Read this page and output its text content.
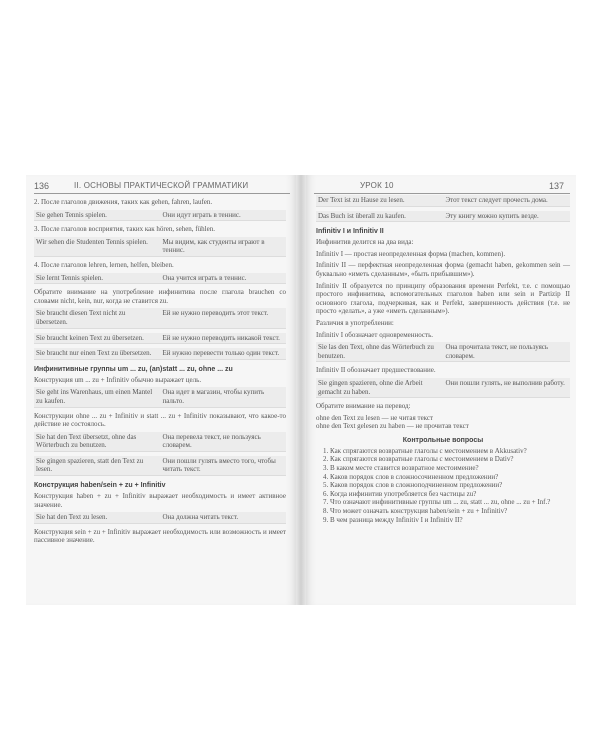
136	II. ОСНОВЫ ПРАКТИЧЕСКОЙ ГРАММАТИКИ

2. После глаголов движения, таких как gehen, fahren, laufen.

Sie gehen Tennis spielen.	Они идут играть в теннис.

3. После глаголов восприятия, таких как hören, sehen, fühlen.

Wir sehen die Studenten Tennis spielen.	Мы видим, как студенты играют в теннис.

4. После глаголов lehren, lernen, helfen, bleiben.

Sie lernt Tennis spielen.	Она учится играть в теннис.

Обратите внимание на употребление инфинитива после глагола brauchen со словами nicht, kein, nur, когда не ставится zu.

Sie braucht diesen Text nicht zu übersetzen.
Ей не нужно переводить этот текст.
Sie braucht keinen Text zu übersetzen.	Ей не нужно переводить никакой текст.
Sie braucht nur einen Text zu übersetzen.	Ей нужно перевести только один текст.
Инфинитивные группы um ... zu, (an)statt ... zu, ohne ... zu

Конструкция um ... zu + Infinitiv обычно выражает цель.

Sie geht ins Warenhaus, um einen Mantel zu kaufen.
Она идет в магазин, чтобы купить пальто.

Конструкции ohne ... zu + Infinitiv и statt ... zu + Infinitiv показывают, что какое-то действие не состоялось.

Sie hat den Text übersetzt, ohne das Wörterbuch zu benutzen.
Она перевела текст, не пользуясь словарем.
Sie gingen spazieren, statt den Text zu lesen.
Они пошли гулять вместо того, чтобы читать текст.
Конструкция haben/sein + zu + Infinitiv

Конструкция haben + zu + Infinitiv выражает необходимость и имеет активное значение.

Sie hat den Text zu lesen.	Она должна читать текст.

Конструкция sein + zu + Infinitiv выражает необходимость или возможность и имеет пассивное значение.

УРОК 10	137
Der Text ist zu Hause zu lesen.	Этот текст следует прочесть дома.
Das Buch ist überall zu kaufen.	Эту книгу можно купить везде.
Infinitiv I и Infinitiv II

Инфинитив делится на два вида:

Infinitiv I — простая неопределенная форма (machen, kommen).

Infinitiv II — перфектная неопределенная форма (gemacht haben, gekommen sein — буквально «иметь сделанным», «быть прибывшим»).

Infinitiv II образуется по принципу образования времени Perfekt, т.е. с помощью простого инфинитива, вспомогательных глаголов haben или sein и Partizip II основного глагола, подчеркивая, как и Perfekt, завершенность действия (т.е. не просто «делать», а уже «иметь сделанным»).

Различия в употреблении:

Infinitiv I обозначает одновременность.

Sie las den Text, ohne das Wörterbuch zu benutzen.
Она прочитала текст, не пользуясь словарем.

Infinitiv II обозначает предшествование.

Sie gingen spazieren, ohne die Arbeit gemacht zu haben.
Они пошли гулять, не выполнив работу.

Обратите внимание на перевод:

ohne den Text zu lesen — не читая текст
ohne den Text gelesen zu haben — не прочитав текст
Контрольные вопросы
1. Как спрягаются возвратные глаголы с местоимением в Akkusativ?
2. Как спрягаются возвратные глаголы с местоимением в Dativ?
3. В каком месте ставится возвратное местоимение?
4. Каков порядок слов в сложносочиненном предложении?
5. Каков порядок слов в сложноподчиненном предложении?
6. Когда инфинитив употребляется без частицы zu?
7. Что означают инфинитивные группы um ... zu, statt ... zu, ohne ... zu + Inf.?
8. Что может означать конструкция haben/sein + zu + Infinitiv?
9. В чем разница между Infinitiv I и Infinitiv II?
